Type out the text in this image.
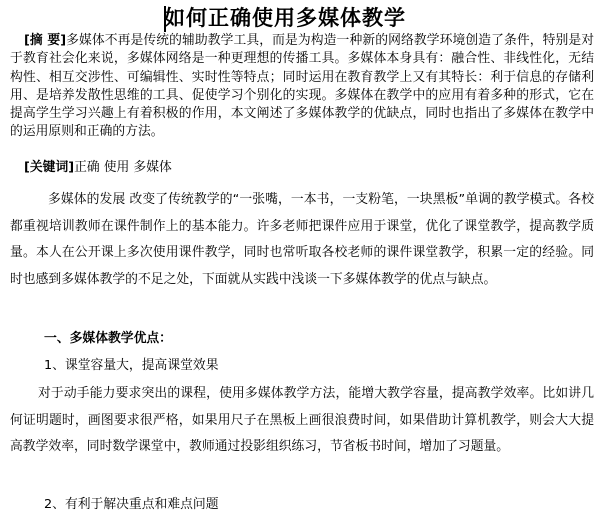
如何正确使用多媒体教学

[摘 要]多媒体不再是传统的辅助教学工具，而是为构造一种新的网络教学环境创造了条件，特别是对于教育社会化来说，多媒体网络是一种更理想的传播工具。多媒体本身具有：融合性、非线性化，无结构性、相互交涉性、可编辑性、实时性等特点；同时运用在教育教学上又有其特长：利于信息的存储利用、是培养发散性思维的工具、促使学习个别化的实现。多媒体在教学中的应用有着多种的形式，它在提高学生学习兴趣上有着积极的作用，本文阐述了多媒体教学的优缺点，同时也指出了多媒体在教学中的运用原则和正确的方法。

[关键词]正确 使用 多媒体

多媒体的发展 改变了传统教学的“一张嘴，一本书，一支粉笔，一块黑板”单调的教学模式。各校都重视培训教师在课件制作上的基本能力。许多老师把课件应用于课堂，优化了课堂教学，提高教学质量。本人在公开课上多次使用课件教学，同时也常听取各校老师的课件课堂教学，积累一定的经验。同时也感到多媒体教学的不足之处，下面就从实践中浅谈一下多媒体教学的优点与缺点。

一、多媒体教学优点：
1、课堂容量大，提高课堂效果

对于动手能力要求突出的课程，使用多媒体教学方法，能增大教学容量，提高教学效率。比如讲几何证明题时，画图要求很严格，如果用尺子在黑板上画很浪费时间，如果借助计算机教学，则会大大提高教学效率，同时数学课堂中，教师通过投影组织练习，节省板书时间，增加了习题量。

2、有利于解决重点和难点问题
